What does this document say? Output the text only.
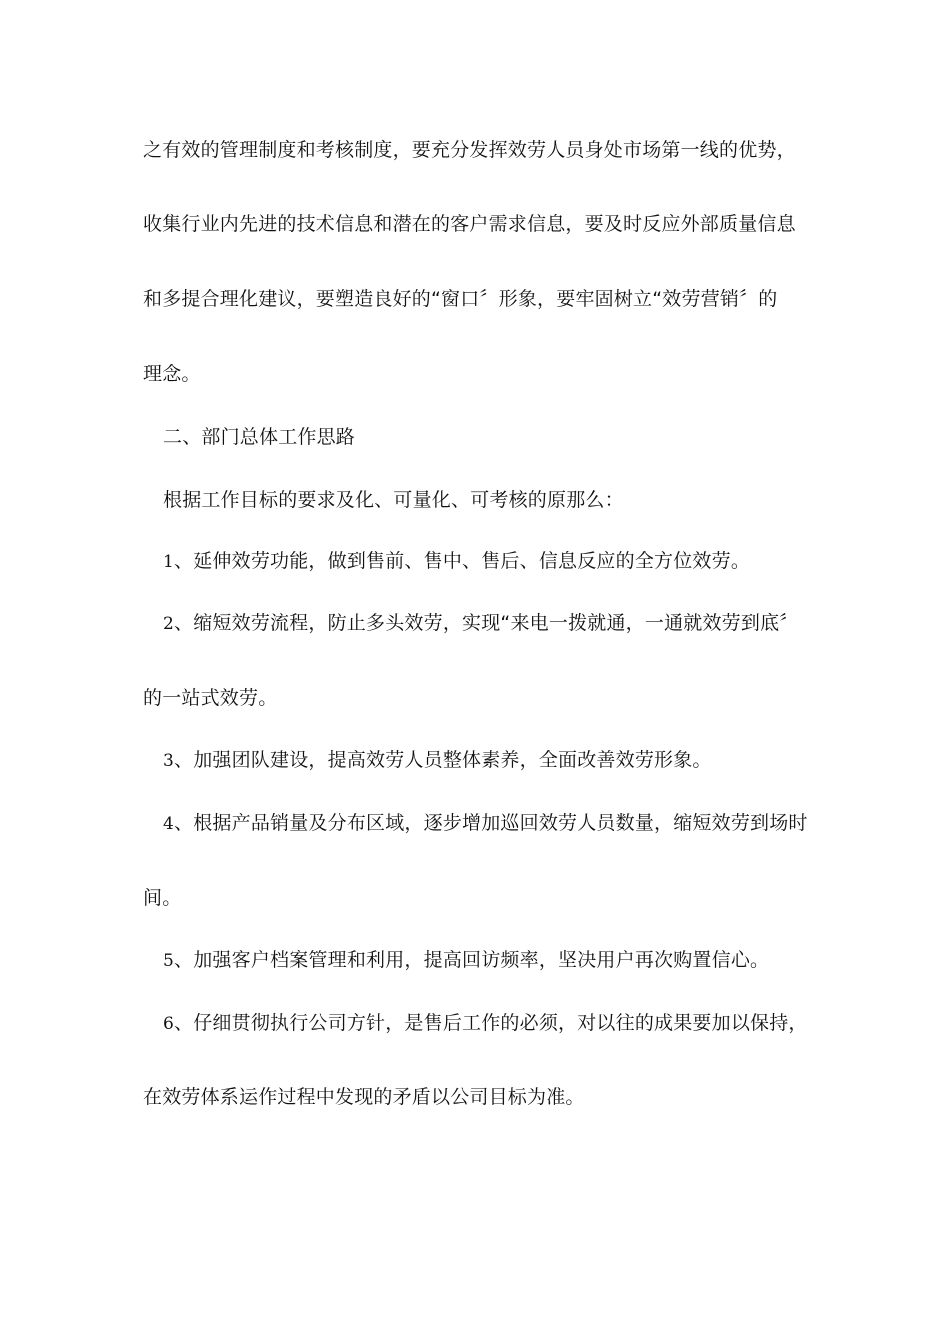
之有效的管理制度和考核制度，要充分发挥效劳人员身处市场第一线的优势，
收集行业内先进的技术信息和潜在的客户需求信息，要及时反应外部质量信息
和多提合理化建议，要塑造良好的“窗口〞形象，要牢固树立“效劳营销〞的
理念。
二、部门总体工作思路
根据工作目标的要求及化、可量化、可考核的原那么：
1、延伸效劳功能，做到售前、售中、售后、信息反应的全方位效劳。
2、缩短效劳流程，防止多头效劳，实现“来电一拨就通，一通就效劳到底〞
的一站式效劳。
3、加强团队建设，提高效劳人员整体素养，全面改善效劳形象。
4、根据产品销量及分布区域，逐步增加巡回效劳人员数量，缩短效劳到场时
间。
5、加强客户档案管理和利用，提高回访频率，坚决用户再次购置信心。
6、仔细贯彻执行公司方针，是售后工作的必须，对以往的成果要加以保持，
在效劳体系运作过程中发现的矛盾以公司目标为准。
